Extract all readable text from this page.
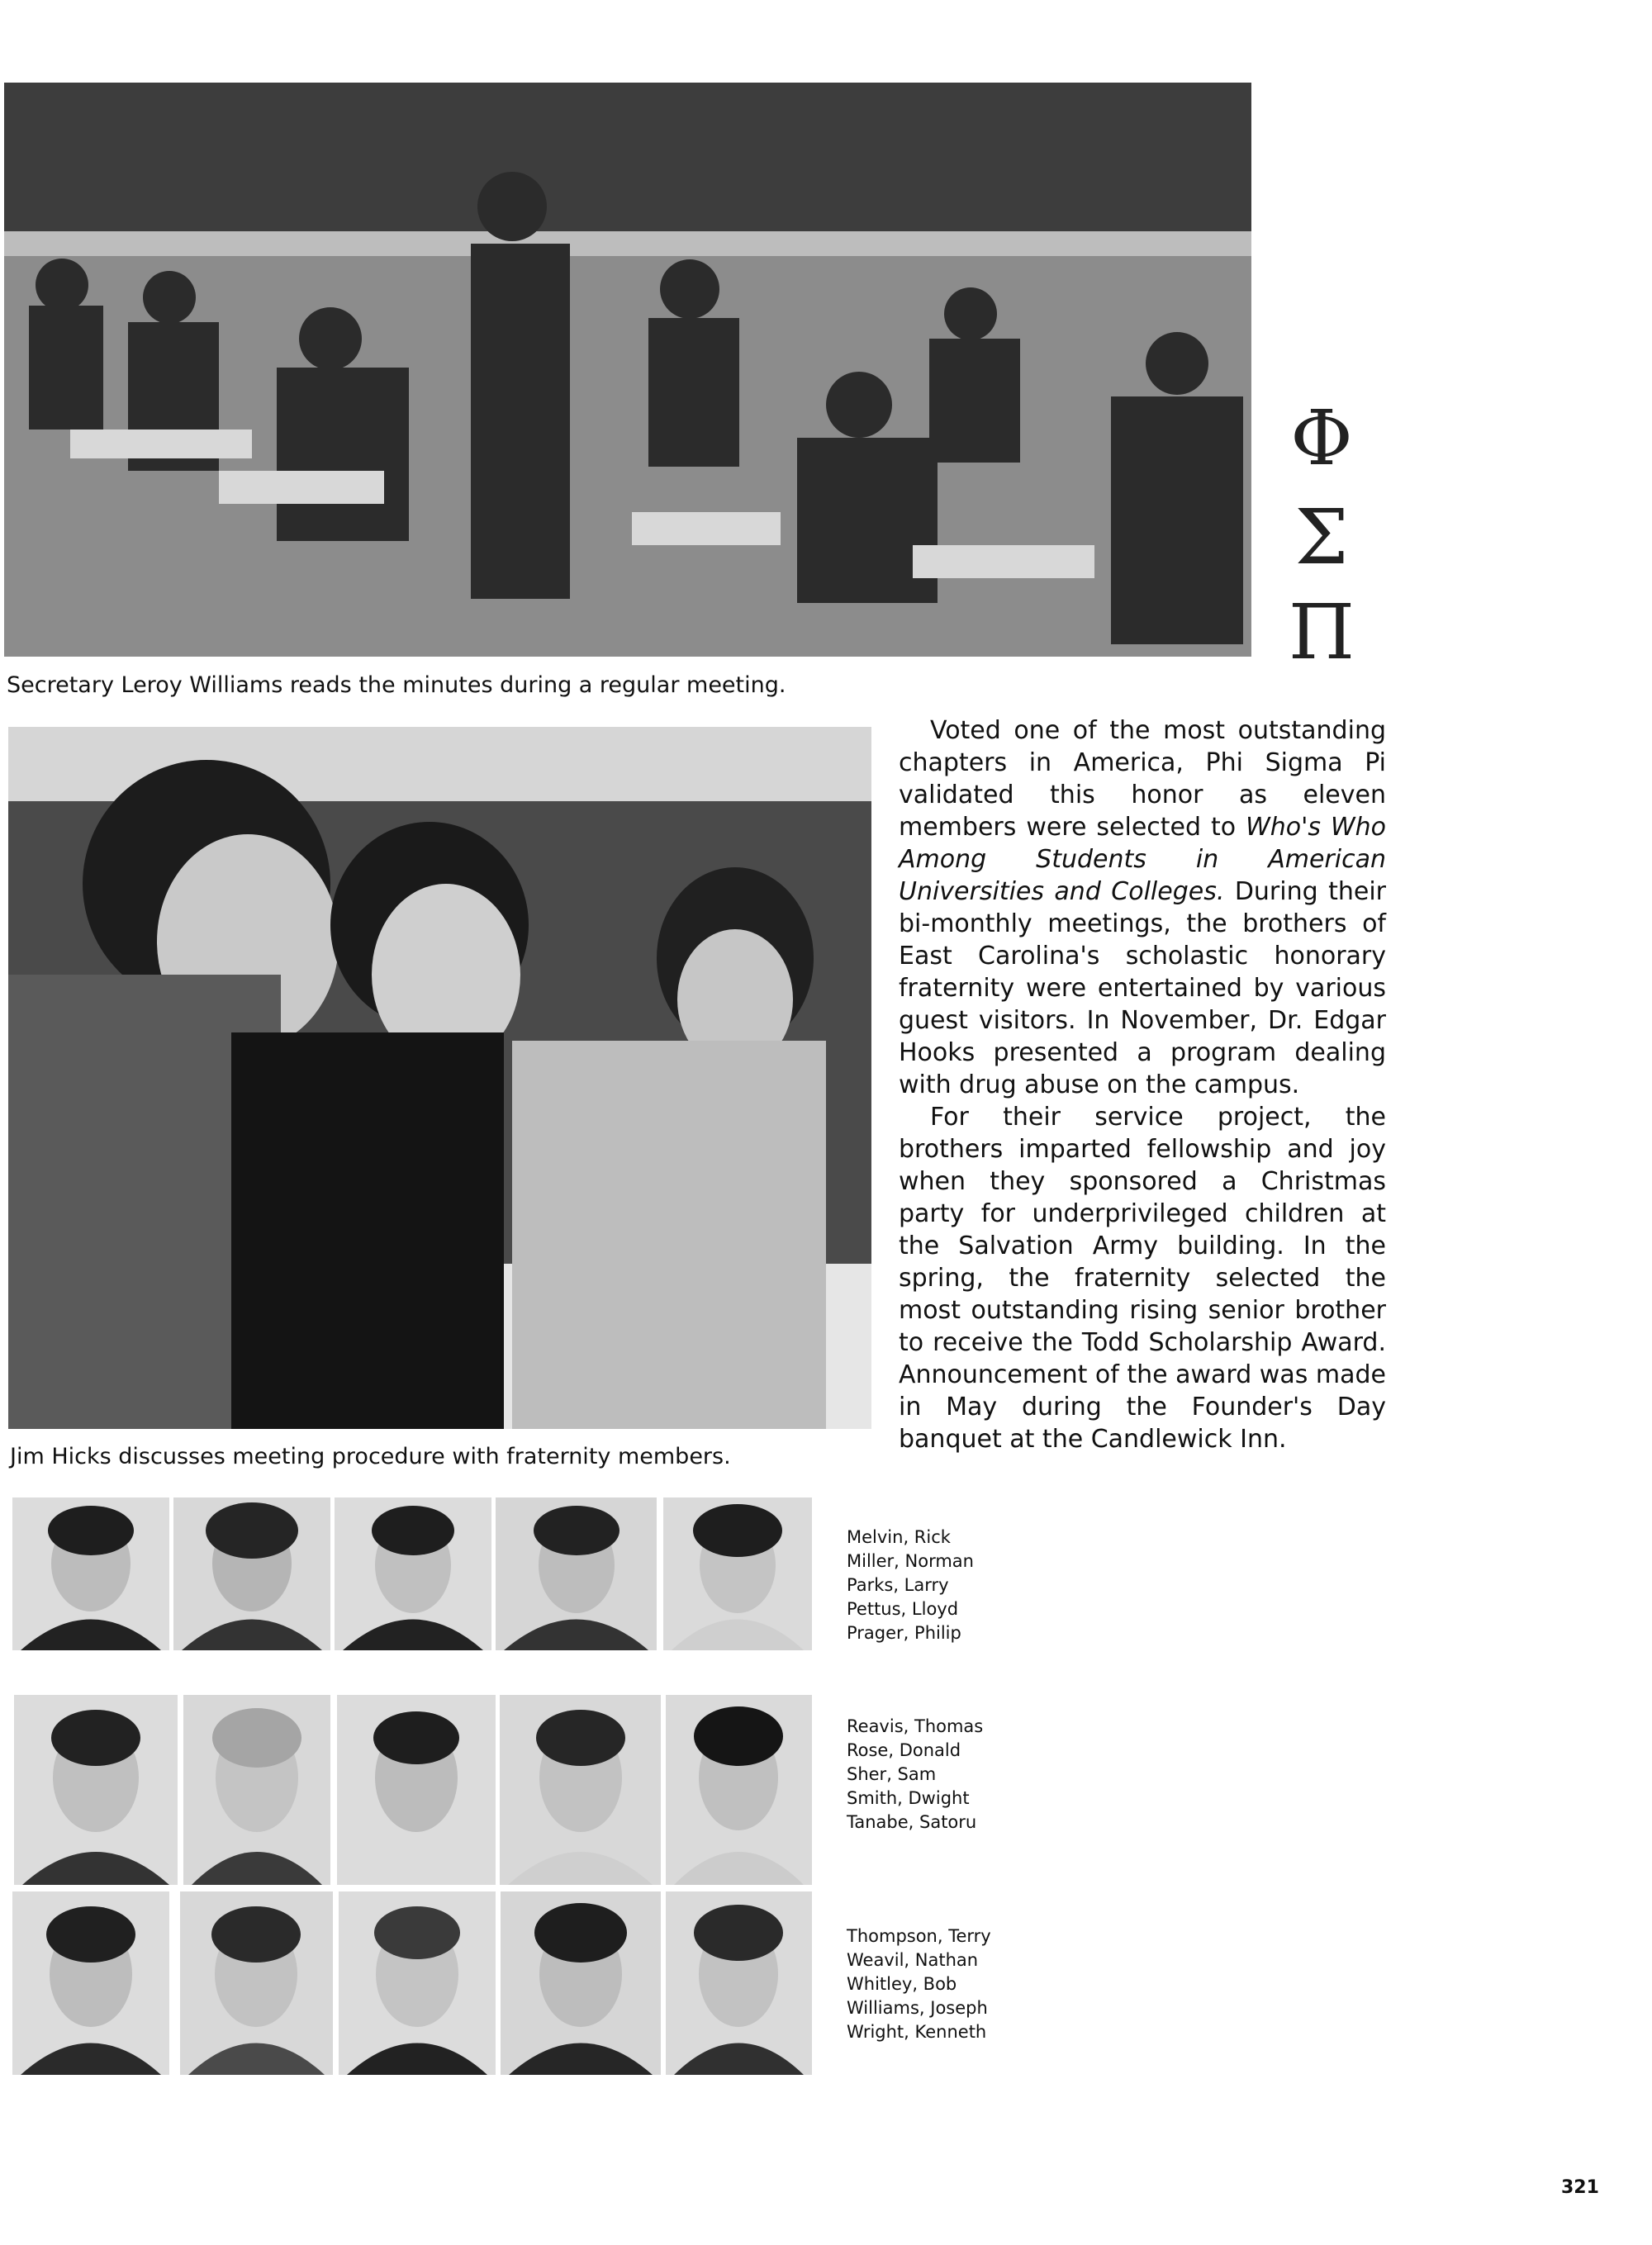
Secretary Leroy Williams reads the minutes during a regular meeting.
Φ
Σ
Π
Jim Hicks discusses meeting procedure with fraternity members.

Voted one of the most outstanding chapters in America, Phi Sigma Pi validated this honor as eleven members were selected to Who's Who Among Students in American Universities and Colleges. During their bi-monthly meetings, the brothers of East Carolina's scholastic honorary fraternity were entertained by various guest visitors. In November, Dr. Edgar Hooks presented a program dealing with drug abuse on the campus.

For their service project, the brothers imparted fellowship and joy when they sponsored a Christmas party for underprivileged children at the Salvation Army building. In the spring, the fraternity selected the most outstanding rising senior brother to receive the Todd Scholarship Award. Announcement of the award was made in May during the Founder's Day banquet at the Candlewick Inn.

Melvin, Rick
Miller, Norman
Parks, Larry
Pettus, Lloyd
Prager, Philip
Reavis, Thomas
Rose, Donald
Sher, Sam
Smith, Dwight
Tanabe, Satoru
Thompson, Terry
Weavil, Nathan
Whitley, Bob
Williams, Joseph
Wright, Kenneth
321
